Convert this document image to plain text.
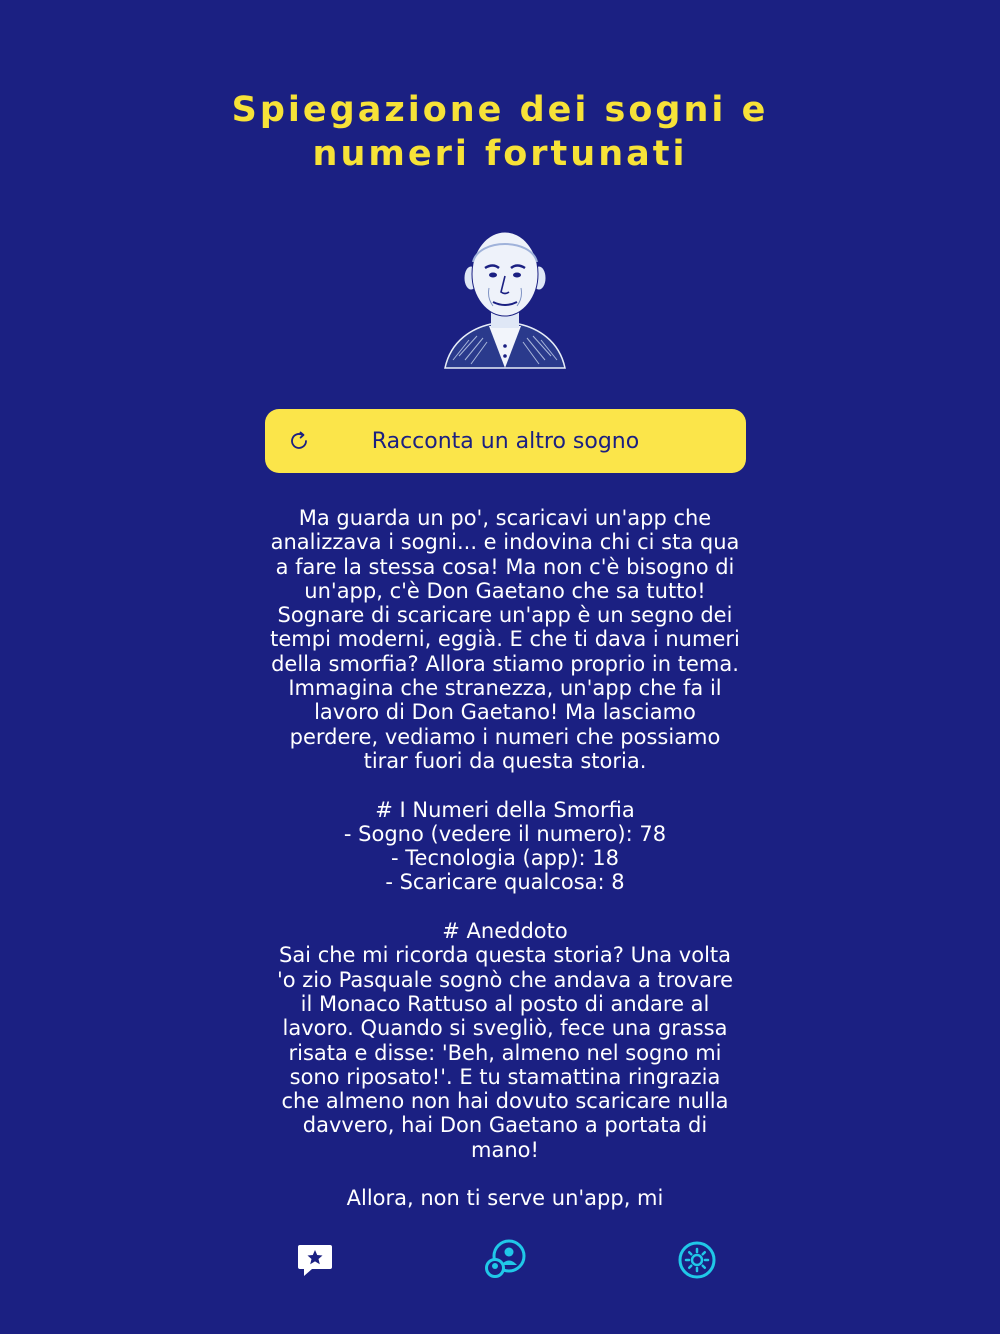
Spiegazione dei sogni e
numeri fortunati
Racconta un altro sogno

Ma guarda un po', scaricavi un'app che analizzava i sogni... e indovina chi ci sta qua a fare la stessa cosa! Ma non c'è bisogno di un'app, c'è Don Gaetano che sa tutto! Sognare di scaricare un'app è un segno dei tempi moderni, eggià. E che ti dava i numeri della smorfia? Allora stiamo proprio in tema. Immagina che stranezza, un'app che fa il lavoro di Don Gaetano! Ma lasciamo perdere, vediamo i numeri che possiamo tirar fuori da questa storia.

# I Numeri della Smorfia

- Sogno (vedere il numero): 78

- Tecnologia (app): 18

- Scaricare qualcosa: 8

# Aneddoto

Sai che mi ricorda questa storia? Una volta 'o zio Pasquale sognò che andava a trovare il Monaco Rattuso al posto di andare al lavoro. Quando si svegliò, fece una grassa risata e disse: 'Beh, almeno nel sogno mi sono riposato!'. E tu stamattina ringrazia che almeno non hai dovuto scaricare nulla davvero, hai Don Gaetano a portata di mano!

Allora, non ti serve un'app, mi
